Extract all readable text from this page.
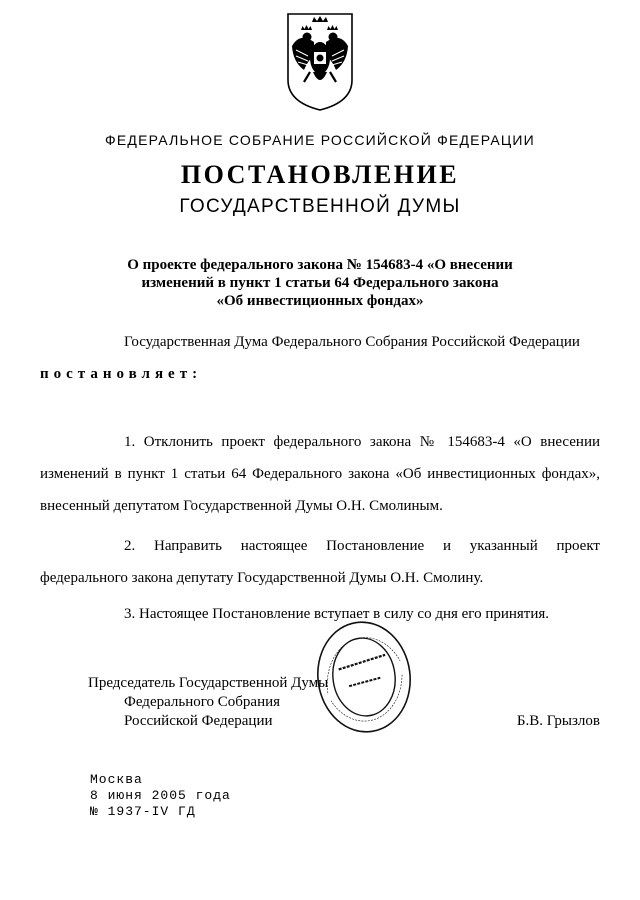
ФЕДЕРАЛЬНОЕ СОБРАНИЕ РОССИЙСКОЙ ФЕДЕРАЦИИ
ПОСТАНОВЛЕНИЕ
ГОСУДАРСТВЕННОЙ ДУМЫ
О проекте федерального закона № 154683-4 «О внесении
изменений в пункт 1 статьи 64 Федерального закона
«Об инвестиционных фондах»
Государственная Дума Федерального Собрания Российской Федерации
постановляет:
1. Отклонить проект федерального закона № 154683-4 «О внесении изменений в пункт 1 статьи 64 Федерального закона «Об инвестиционных фондах», внесенный депутатом Государственной Думы О.Н. Смолиным.
2. Направить настоящее Постановление и указанный проект федерального закона депутату Государственной Думы О.Н. Смолину.
3. Настоящее Постановление вступает в силу со дня его принятия.
Председатель Государственной Думы
Федерального Собрания
Российской Федерации	Б.В. Грызлов
Москва
8 июня 2005 года
№ 1937-IV ГД
